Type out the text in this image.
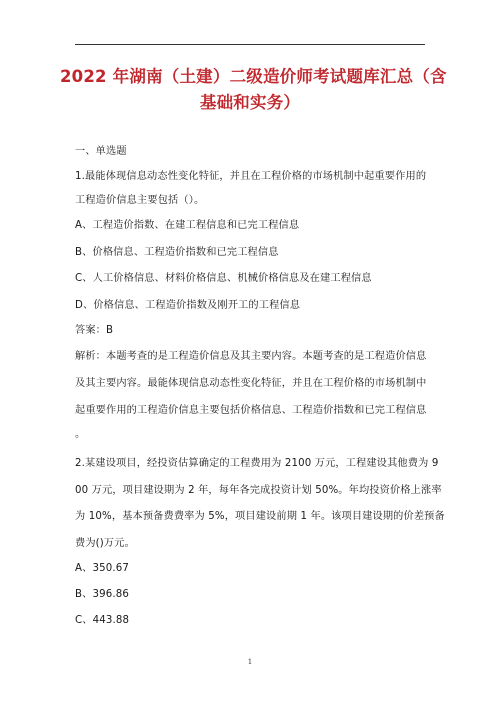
2022 年湖南（土建）二级造价师考试题库汇总（含
基础和实务）
一、单选题
1.最能体现信息动态性变化特征，并且在工程价格的市场机制中起重要作用的
工程造价信息主要包括（）。
A、工程造价指数、在建工程信息和已完工程信息
B、价格信息、工程造价指数和已完工程信息
C、人工价格信息、材料价格信息、机械价格信息及在建工程信息
D、价格信息、工程造价指数及刚开工的工程信息
答案：B
解析：本题考查的是工程造价信息及其主要内容。本题考查的是工程造价信息
及其主要内容。最能体现信息动态性变化特征，并且在工程价格的市场机制中
起重要作用的工程造价信息主要包括价格信息、工程造价指数和已完工程信息
。
2.某建设项目，经投资估算确定的工程费用为 2100 万元，工程建设其他费为 9
00 万元，项目建设期为 2 年，每年各完成投资计划 50%。年均投资价格上涨率
为 10%，基本预备费费率为 5%，项目建设前期 1 年。该项目建设期的价差预备
费为()万元。
A、350.67
B、396.86
C、443.88
1
